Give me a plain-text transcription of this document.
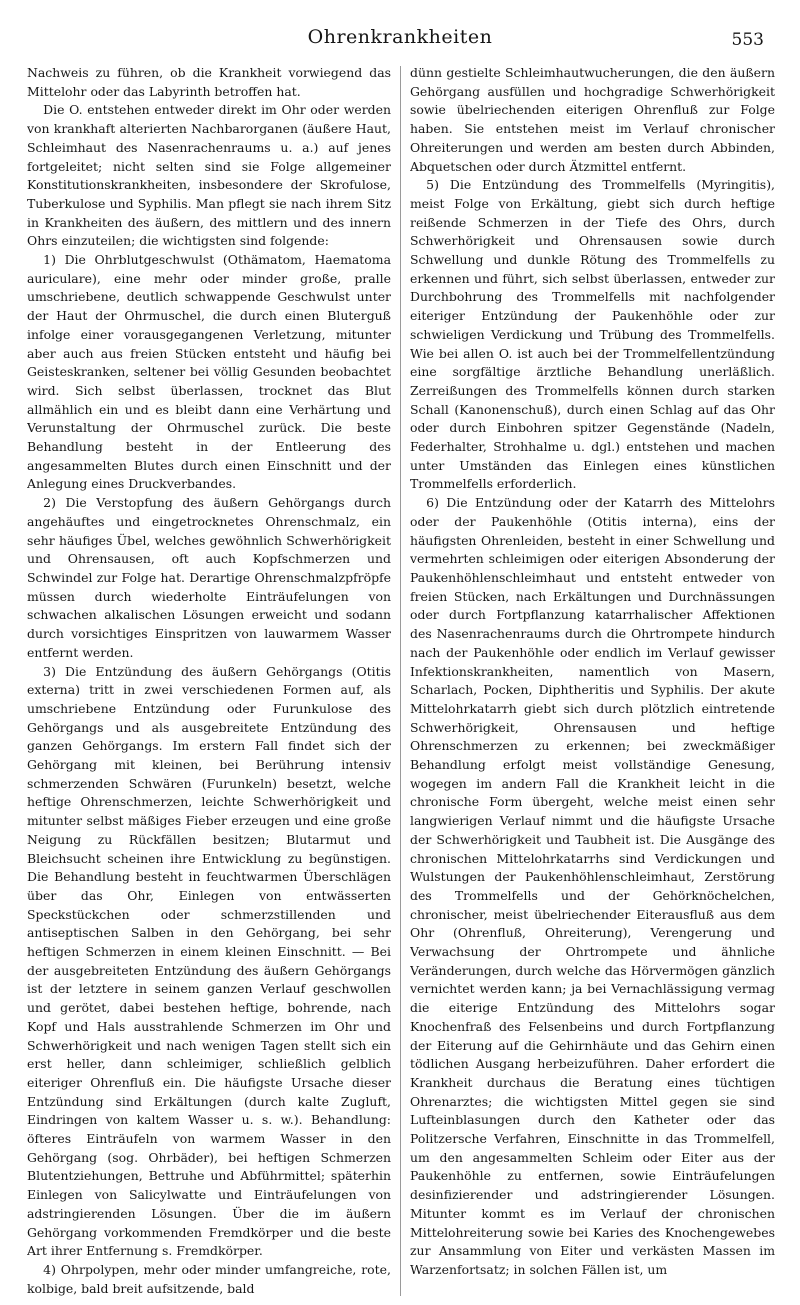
Ohrenkrankheiten	553

Nachweis zu führen, ob die Krankheit vorwiegend das Mittelohr oder das Labyrinth betroffen hat.

Die O. entstehen entweder direkt im Ohr oder werden von krankhaft alterierten Nachbarorganen (äußere Haut, Schleimhaut des Nasenrachenraums u. a.) auf jenes fortgeleitet; nicht selten sind sie Folge allgemeiner Konstitutionskrankheiten, insbesondere der Skrofulose, Tuberkulose und Syphilis. Man pflegt sie nach ihrem Sitz in Krankheiten des äußern, des mittlern und des innern Ohrs einzuteilen; die wichtigsten sind folgende:

1) Die Ohrblutgeschwulst (Othämatom, Haematoma auriculare), eine mehr oder minder große, pralle umschriebene, deutlich schwappende Geschwulst unter der Haut der Ohrmuschel, die durch einen Bluterguß infolge einer vorausgegangenen Verletzung, mitunter aber auch aus freien Stücken entsteht und häufig bei Geisteskranken, seltener bei völlig Gesunden beobachtet wird. Sich selbst überlassen, trocknet das Blut allmählich ein und es bleibt dann eine Verhärtung und Verunstaltung der Ohrmuschel zurück. Die beste Behandlung besteht in der Entleerung des angesammelten Blutes durch einen Einschnitt und der Anlegung eines Druckverbandes.

2) Die Verstopfung des äußern Gehörgangs durch angehäuftes und eingetrocknetes Ohrenschmalz, ein sehr häufiges Übel, welches gewöhnlich Schwerhörigkeit und Ohrensausen, oft auch Kopfschmerzen und Schwindel zur Folge hat. Derartige Ohrenschmalzpfröpfe müssen durch wiederholte Einträufelungen von schwachen alkalischen Lösungen erweicht und sodann durch vorsichtiges Einspritzen von lauwarmem Wasser entfernt werden.

3) Die Entzündung des äußern Gehörgangs (Otitis externa) tritt in zwei verschiedenen Formen auf, als umschriebene Entzündung oder Furunkulose des Gehörgangs und als ausgebreitete Entzündung des ganzen Gehörgangs. Im erstern Fall findet sich der Gehörgang mit kleinen, bei Berührung intensiv schmerzenden Schwären (Furunkeln) besetzt, welche heftige Ohrenschmerzen, leichte Schwerhörigkeit und mitunter selbst mäßiges Fieber erzeugen und eine große Neigung zu Rückfällen besitzen; Blutarmut und Bleichsucht scheinen ihre Entwicklung zu begünstigen. Die Behandlung besteht in feuchtwarmen Überschlägen über das Ohr, Einlegen von entwässerten Speckstückchen oder schmerzstillenden und antiseptischen Salben in den Gehörgang, bei sehr heftigen Schmerzen in einem kleinen Einschnitt. — Bei der ausgebreiteten Entzündung des äußern Gehörgangs ist der letztere in seinem ganzen Verlauf geschwollen und gerötet, dabei bestehen heftige, bohrende, nach Kopf und Hals ausstrahlende Schmerzen im Ohr und Schwerhörigkeit und nach wenigen Tagen stellt sich ein erst heller, dann schleimiger, schließlich gelblich eiteriger Ohrenfluß ein. Die häufigste Ursache dieser Entzündung sind Erkältungen (durch kalte Zugluft, Eindringen von kaltem Wasser u. s. w.). Behandlung: öfteres Einträufeln von warmem Wasser in den Gehörgang (sog. Ohrbäder), bei heftigen Schmerzen Blutentziehungen, Bettruhe und Abführmittel; späterhin Einlegen von Salicylwatte und Einträufelungen von adstringierenden Lösungen. Über die im äußern Gehörgang vorkommenden Fremdkörper und die beste Art ihrer Entfernung s. Fremdkörper.

4) Ohrpolypen, mehr oder minder umfangreiche, rote, kolbige, bald breit aufsitzende, bald

dünn gestielte Schleimhautwucherungen, die den äußern Gehörgang ausfüllen und hochgradige Schwerhörigkeit sowie übelriechenden eiterigen Ohrenfluß zur Folge haben. Sie entstehen meist im Verlauf chronischer Ohreiterungen und werden am besten durch Abbinden, Abquetschen oder durch Ätzmittel entfernt.

5) Die Entzündung des Trommelfells (Myringitis), meist Folge von Erkältung, giebt sich durch heftige reißende Schmerzen in der Tiefe des Ohrs, durch Schwerhörigkeit und Ohrensausen sowie durch Schwellung und dunkle Rötung des Trommelfells zu erkennen und führt, sich selbst überlassen, entweder zur Durchbohrung des Trommelfells mit nachfolgender eiteriger Entzündung der Paukenhöhle oder zur schwieligen Verdickung und Trübung des Trommelfells. Wie bei allen O. ist auch bei der Trommelfellentzündung eine sorgfältige ärztliche Behandlung unerläßlich. Zerreißungen des Trommelfells können durch starken Schall (Kanonenschuß), durch einen Schlag auf das Ohr oder durch Einbohren spitzer Gegenstände (Nadeln, Federhalter, Strohhalme u. dgl.) entstehen und machen unter Umständen das Einlegen eines künstlichen Trommelfells erforderlich.

6) Die Entzündung oder der Katarrh des Mittelohrs oder der Paukenhöhle (Otitis interna), eins der häufigsten Ohrenleiden, besteht in einer Schwellung und vermehrten schleimigen oder eiterigen Absonderung der Paukenhöhlenschleimhaut und entsteht entweder von freien Stücken, nach Erkältungen und Durchnässungen oder durch Fortpflanzung katarrhalischer Affektionen des Nasenrachenraums durch die Ohrtrompete hindurch nach der Paukenhöhle oder endlich im Verlauf gewisser Infektionskrankheiten, namentlich von Masern, Scharlach, Pocken, Diphtheritis und Syphilis. Der akute Mittelohrkatarrh giebt sich durch plötzlich eintretende Schwerhörigkeit, Ohrensausen und heftige Ohrenschmerzen zu erkennen; bei zweckmäßiger Behandlung erfolgt meist vollständige Genesung, wogegen im andern Fall die Krankheit leicht in die chronische Form übergeht, welche meist einen sehr langwierigen Verlauf nimmt und die häufigste Ursache der Schwerhörigkeit und Taubheit ist. Die Ausgänge des chronischen Mittelohrkatarrhs sind Verdickungen und Wulstungen der Paukenhöhlenschleimhaut, Zerstörung des Trommelfells und der Gehörknöchelchen, chronischer, meist übelriechender Eiterausfluß aus dem Ohr (Ohrenfluß, Ohreiterung), Verengerung und Verwachsung der Ohrtrompete und ähnliche Veränderungen, durch welche das Hörvermögen gänzlich vernichtet werden kann; ja bei Vernachlässigung vermag die eiterige Entzündung des Mittelohrs sogar Knochenfraß des Felsenbeins und durch Fortpflanzung der Eiterung auf die Gehirnhäute und das Gehirn einen tödlichen Ausgang herbeizuführen. Daher erfordert die Krankheit durchaus die Beratung eines tüchtigen Ohrenarztes; die wichtigsten Mittel gegen sie sind Lufteinblasungen durch den Katheter oder das Politzersche Verfahren, Einschnitte in das Trommelfell, um den angesammelten Schleim oder Eiter aus der Paukenhöhle zu entfernen, sowie Einträufelungen desinfizierender und adstringierender Lösungen. Mitunter kommt es im Verlauf der chronischen Mittelohreiterung sowie bei Karies des Knochengewebes zur Ansammlung von Eiter und verkästen Massen im Warzenfortsatz; in solchen Fällen ist, um
